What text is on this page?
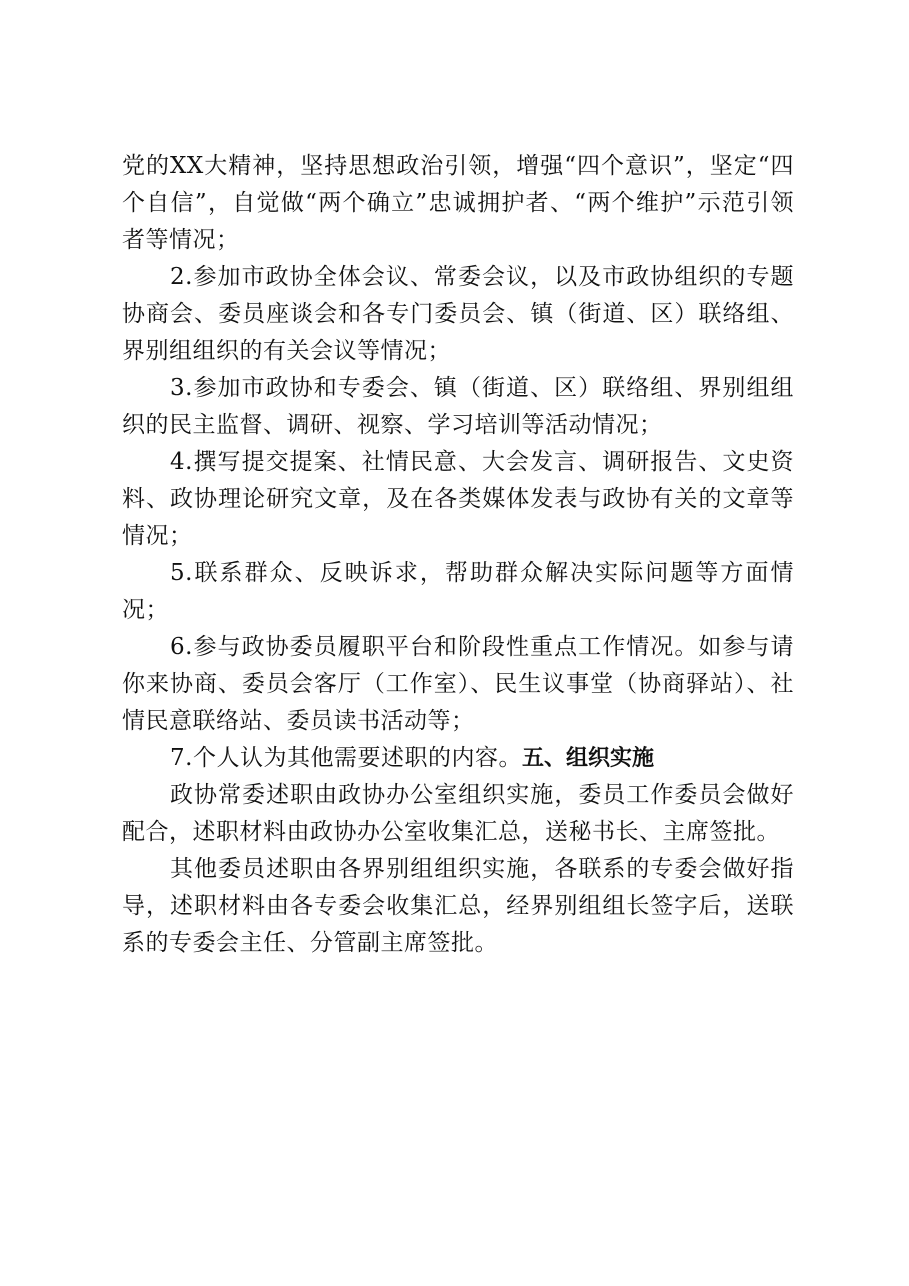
党的XX大精神，坚持思想政治引领，增强“四个意识”，坚定“四个自信”，自觉做“两个确立”忠诚拥护者、“两个维护”示范引领者等情况；

2.参加市政协全体会议、常委会议，以及市政协组织的专题协商会、委员座谈会和各专门委员会、镇（街道、区）联络组、界别组组织的有关会议等情况；

3.参加市政协和专委会、镇（街道、区）联络组、界别组组织的民主监督、调研、视察、学习培训等活动情况；

4.撰写提交提案、社情民意、大会发言、调研报告、文史资料、政协理论研究文章，及在各类媒体发表与政协有关的文章等情况；

5.联系群众、反映诉求，帮助群众解决实际问题等方面情况；

6.参与政协委员履职平台和阶段性重点工作情况。如参与请你来协商、委员会客厅（工作室）、民生议事堂（协商驿站）、社情民意联络站、委员读书活动等；

7.个人认为其他需要述职的内容。五、组织实施

政协常委述职由政协办公室组织实施，委员工作委员会做好配合，述职材料由政协办公室收集汇总，送秘书长、主席签批。

其他委员述职由各界别组组织实施，各联系的专委会做好指导，述职材料由各专委会收集汇总，经界别组组长签字后，送联系的专委会主任、分管副主席签批。
